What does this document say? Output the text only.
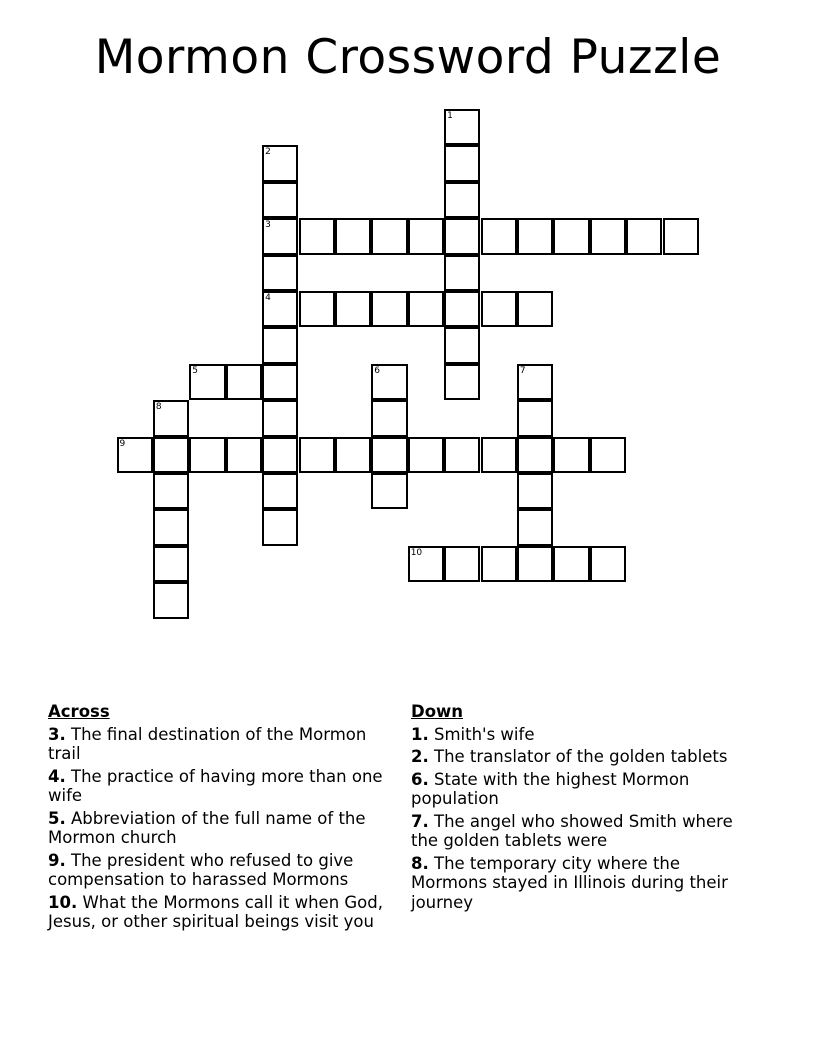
Mormon Crossword Puzzle
1
2
3
4
5	6	7
8
9
10
Across
3. The final destination of the Mormon trail
4. The practice of having more than one wife
5. Abbreviation of the full name of the Mormon church
9. The president who refused to give compensation to harassed Mormons
10. What the Mormons call it when God, Jesus, or other spiritual beings visit you
Down
1. Smith's wife
2. The translator of the golden tablets
6. State with the highest Mormon population
7. The angel who showed Smith where the golden tablets were
8. The temporary city where the Mormons stayed in Illinois during their journey
